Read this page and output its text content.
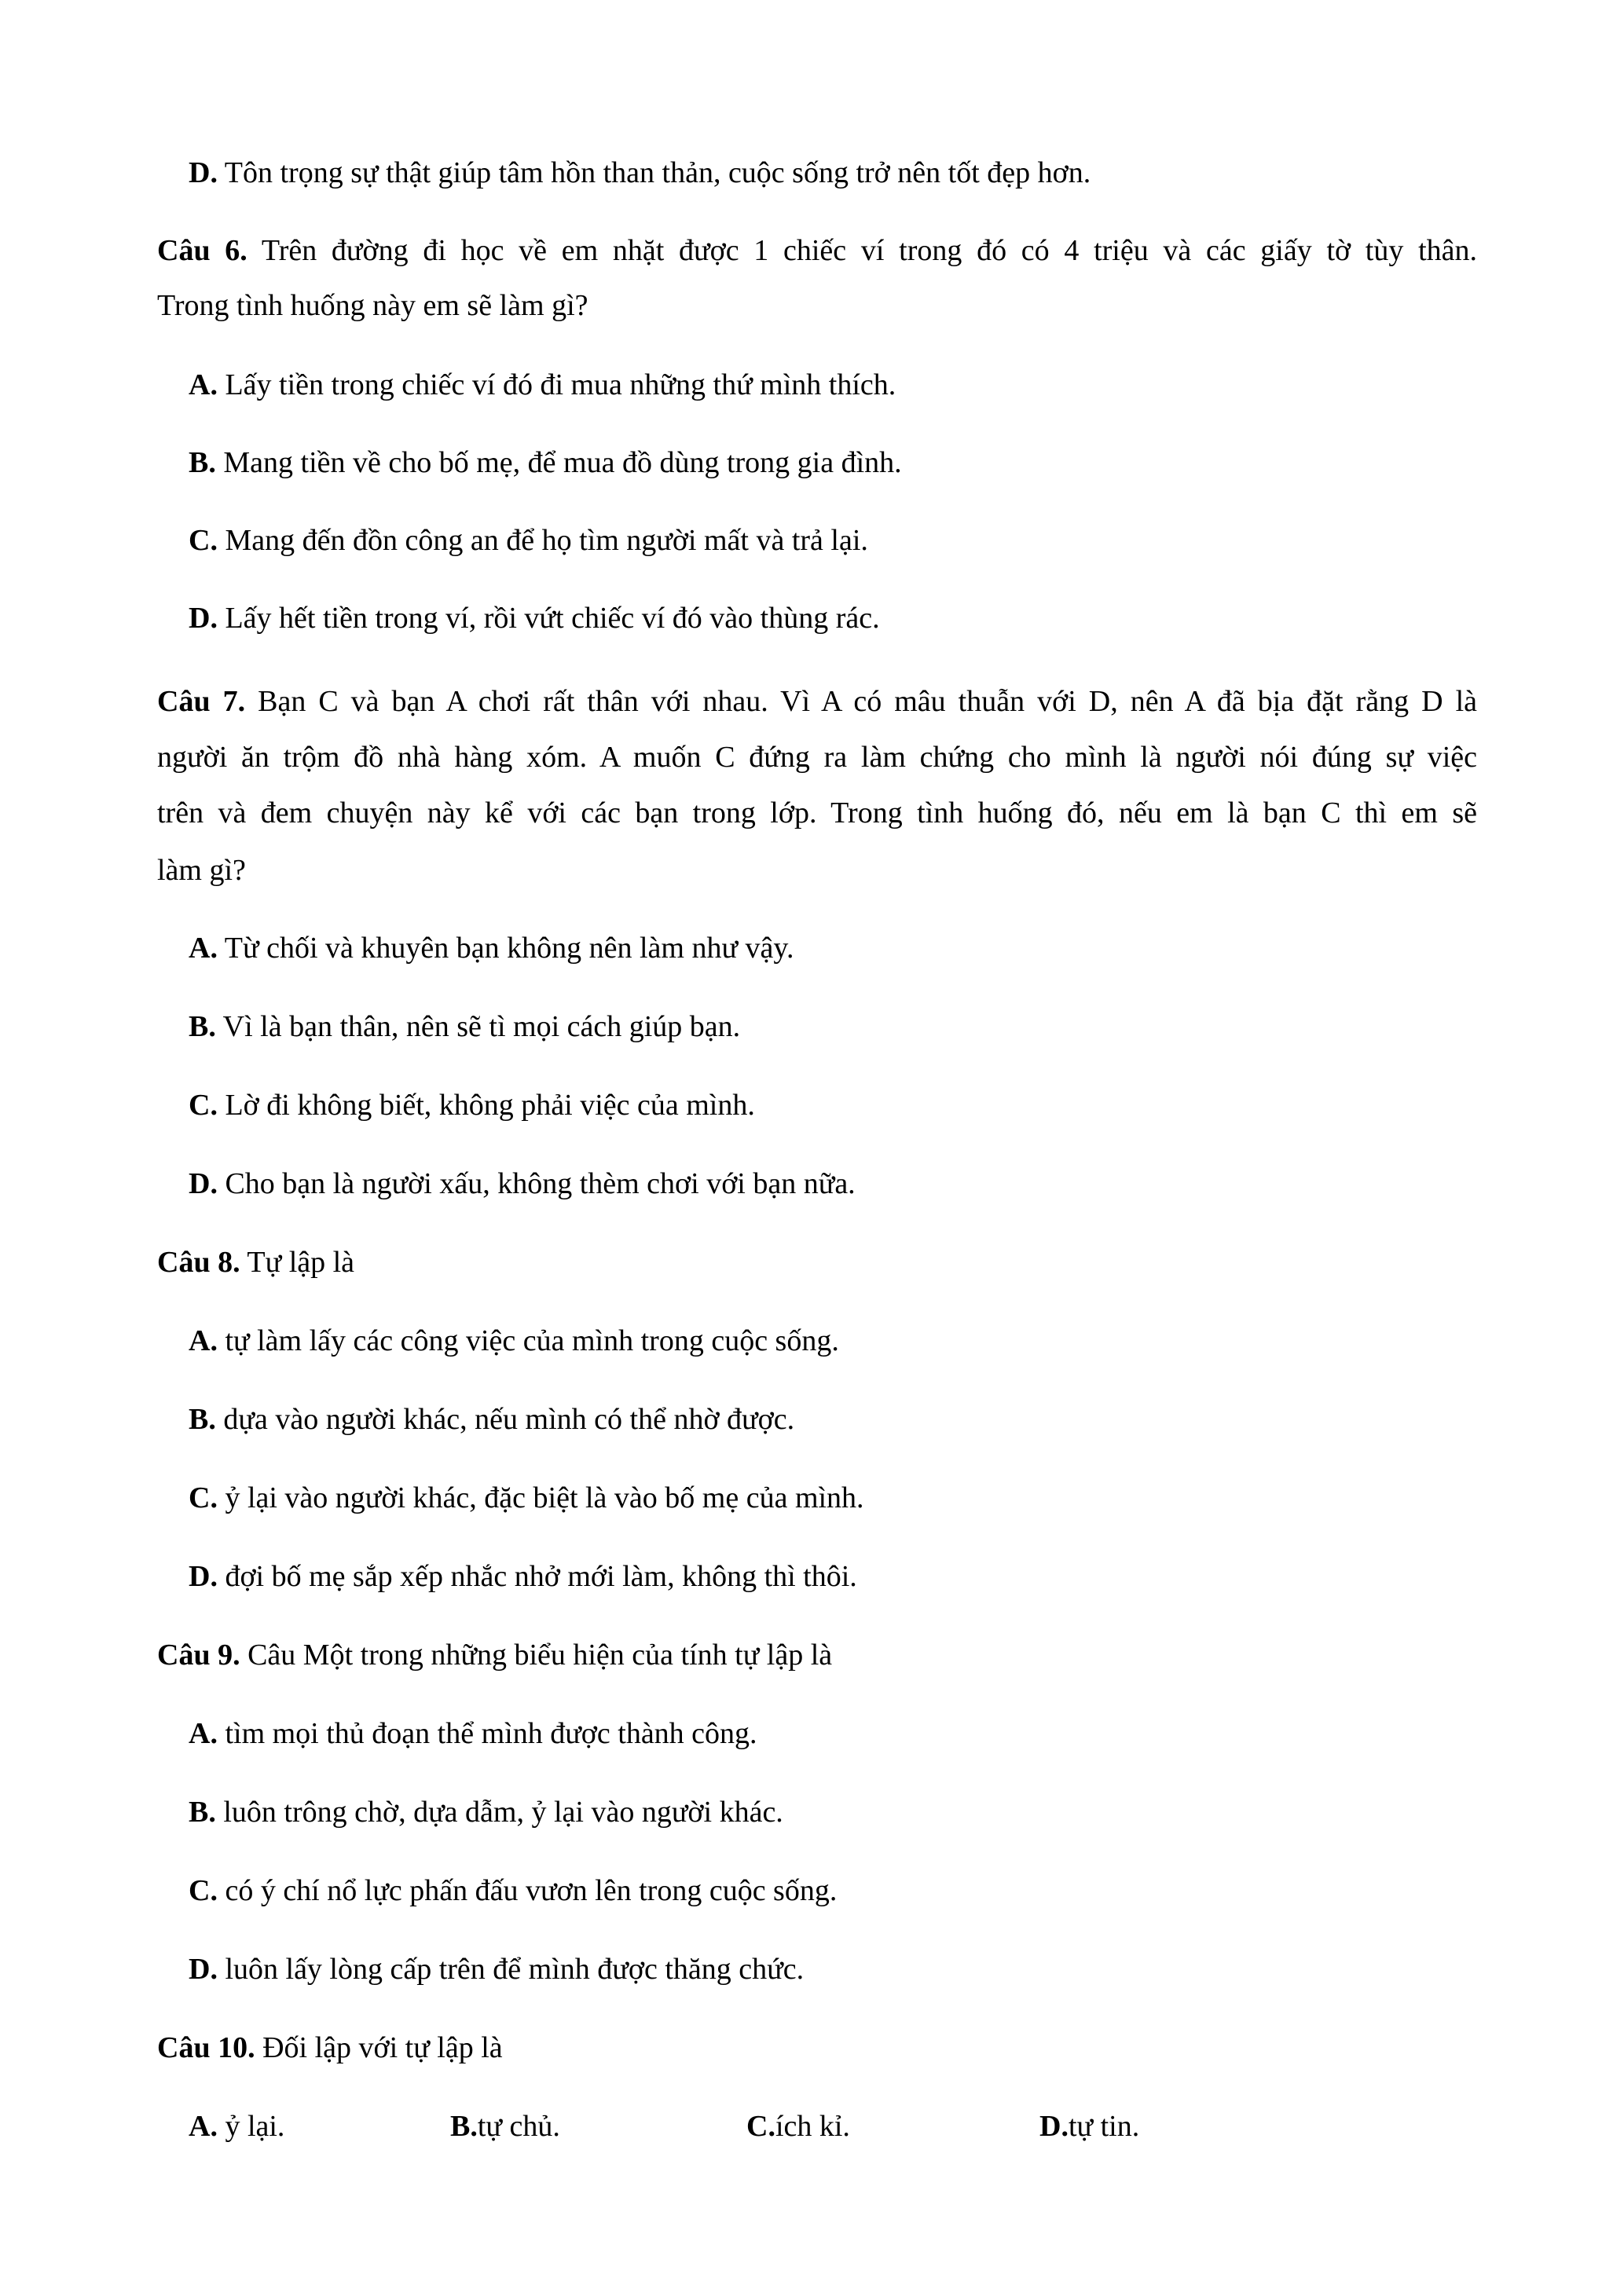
D. Tôn trọng sự thật giúp tâm hồn than thản, cuộc sống trở nên tốt đẹp hơn.
Câu 6. Trên đường đi học về em nhặt được 1 chiếc ví trong đó có 4 triệu và các giấy tờ tùy thân.
Trong tình huống này em sẽ làm gì?
A. Lấy tiền trong chiếc ví đó đi mua những thứ mình thích.
B. Mang tiền về cho bố mẹ, để mua đồ dùng trong gia đình.
C. Mang đến đồn công an để họ tìm người mất và trả lại.
D. Lấy hết tiền trong ví, rồi vứt chiếc ví đó vào thùng rác.
Câu 7. Bạn C và bạn A chơi rất thân với nhau. Vì A có mâu thuẫn với D, nên A đã bịa đặt rằng D là
người ăn trộm đồ nhà hàng xóm. A muốn C đứng ra làm chứng cho mình là người nói đúng sự việc
trên và đem chuyện này kể với các bạn trong lớp. Trong tình huống đó, nếu em là bạn C thì em sẽ
làm gì?
A. Từ chối và khuyên bạn không nên làm như vậy.
B. Vì là bạn thân, nên sẽ tì mọi cách giúp bạn.
C. Lờ đi không biết, không phải việc của mình.
D. Cho bạn là người xấu, không thèm chơi với bạn nữa.
Câu 8. Tự lập là
A. tự làm lấy các công việc của mình trong cuộc sống.
B. dựa vào người khác, nếu mình có thể nhờ được.
C. ỷ lại vào người khác, đặc biệt là vào bố mẹ của mình.
D. đợi bố mẹ sắp xếp nhắc nhở mới làm, không thì thôi.
Câu 9. Câu Một trong những biểu hiện của tính tự lập là
A. tìm mọi thủ đoạn thể mình được thành công.
B. luôn trông chờ, dựa dẫm, ỷ lại vào người khác.
C. có ý chí nổ lực phấn đấu vươn lên trong cuộc sống.
D. luôn lấy lòng cấp trên để mình được thăng chức.
Câu 10. Đối lập với tự lập là
A. ỷ lại.	B.tự chủ.	C.ích kỉ.	D.tự tin.
